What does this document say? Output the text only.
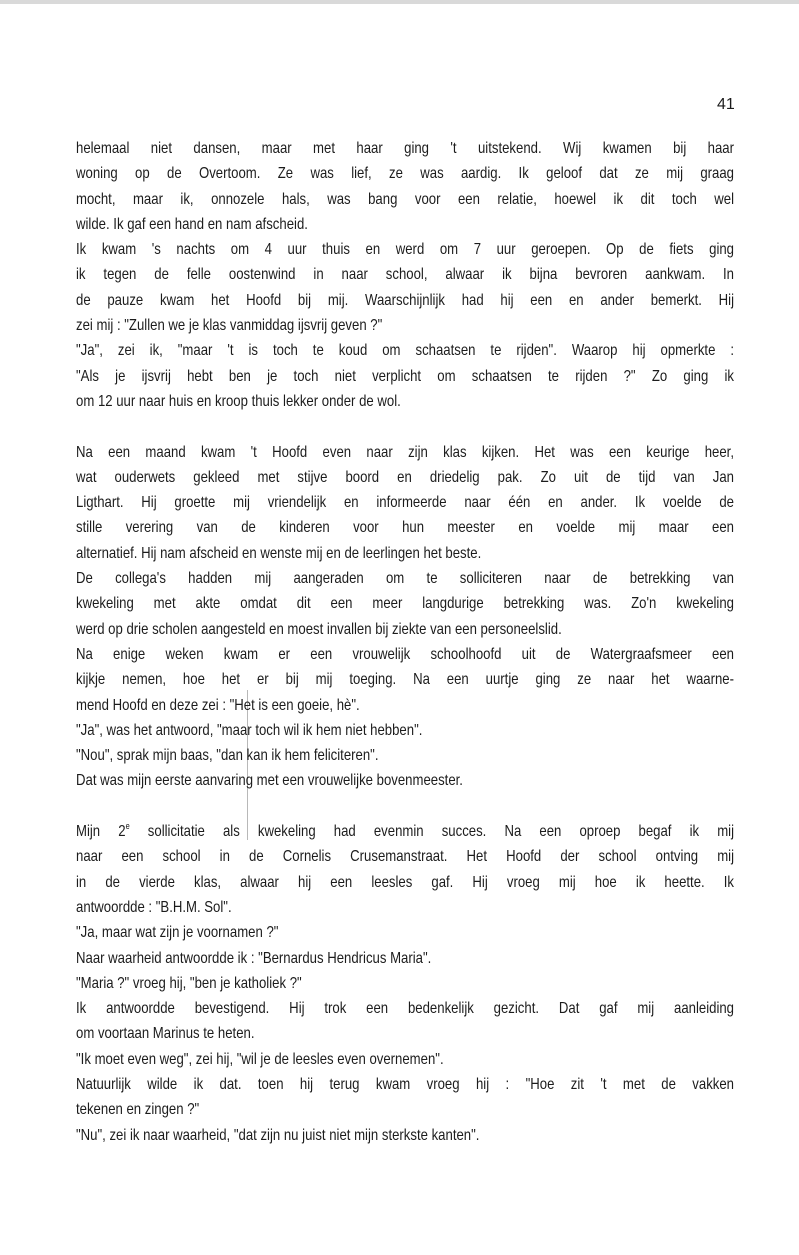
41
helemaal niet dansen, maar met haar ging 't uitstekend. Wij kwamen bij haar
woning op de Overtoom. Ze was lief, ze was aardig. Ik geloof dat ze mij graag
mocht, maar ik, onnozele hals, was bang voor een relatie, hoewel ik dit toch wel
wilde. Ik gaf een hand en nam afscheid.
Ik kwam 's nachts om 4 uur thuis en werd om 7 uur geroepen. Op de fiets ging
ik tegen de felle oostenwind in naar school, alwaar ik bijna bevroren aankwam. In
de pauze kwam het Hoofd bij mij. Waarschijnlijk had hij een en ander bemerkt. Hij
zei mij : "Zullen we je klas vanmiddag ijsvrij geven ?"
"Ja", zei ik, "maar 't is toch te koud om schaatsen te rijden". Waarop hij opmerkte :
"Als je ijsvrij hebt ben je toch niet verplicht om schaatsen te rijden ?" Zo ging ik
om 12 uur naar huis en kroop thuis lekker onder de wol.
Na een maand kwam 't Hoofd even naar zijn klas kijken. Het was een keurige heer,
wat ouderwets gekleed met stijve boord en driedelig pak. Zo uit de tijd van Jan
Ligthart. Hij groette mij vriendelijk en informeerde naar één en ander. Ik voelde de
stille verering van de kinderen voor hun meester en voelde mij maar een
alternatief. Hij nam afscheid en wenste mij en de leerlingen het beste.
De collega's hadden mij aangeraden om te solliciteren naar de betrekking van
kwekeling met akte omdat dit een meer langdurige betrekking was. Zo'n kwekeling
werd op drie scholen aangesteld en moest invallen bij ziekte van een personeelslid.
Na enige weken kwam er een vrouwelijk schoolhoofd uit de Watergraafsmeer een
kijkje nemen, hoe het er bij mij toeging. Na een uurtje ging ze naar het waarne-
mend Hoofd en deze zei : "Het is een goeie, hè".
"Ja", was het antwoord, "maar toch wil ik hem niet hebben".
"Nou", sprak mijn baas, "dan kan ik hem feliciteren".
Dat was mijn eerste aanvaring met een vrouwelijke bovenmeester.
Mijn 2e sollicitatie als kwekeling had evenmin succes. Na een oproep begaf ik mij
naar een school in de Cornelis Crusemanstraat. Het Hoofd der school ontving mij
in de vierde klas, alwaar hij een leesles gaf. Hij vroeg mij hoe ik heette. Ik
antwoordde : "B.H.M. Sol".
"Ja, maar wat zijn je voornamen ?"
Naar waarheid antwoordde ik : "Bernardus Hendricus Maria".
"Maria ?" vroeg hij, "ben je katholiek ?"
Ik antwoordde bevestigend. Hij trok een bedenkelijk gezicht. Dat gaf mij aanleiding
om voortaan Marinus te heten.
"Ik moet even weg", zei hij, "wil je de leesles even overnemen".
Natuurlijk wilde ik dat. toen hij terug kwam vroeg hij : "Hoe zit 't met de vakken
tekenen en zingen ?"
"Nu", zei ik naar waarheid, "dat zijn nu juist niet mijn sterkste kanten".
